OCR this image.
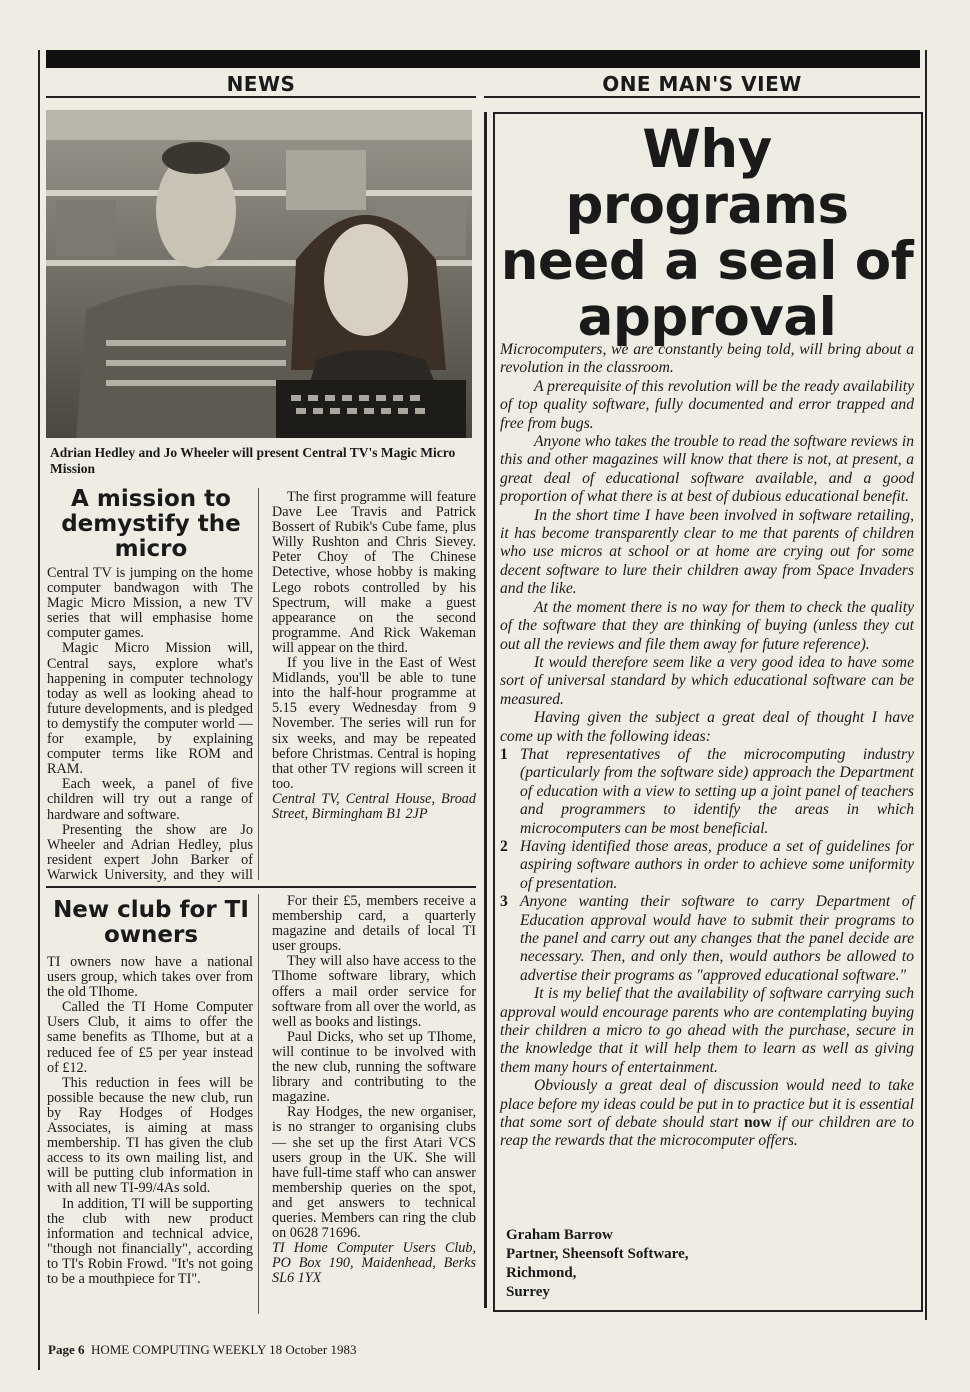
NEWS	ONE MAN'S VIEW
Adrian Hedley and Jo Wheeler will present Central TV's Magic Micro Mission
A mission to demystify the micro

Central TV is jumping on the home computer bandwagon with The Magic Micro Mission, a new TV series that will emphasise home computer games.

Magic Micro Mission will, Central says, explore what's happening in computer technology today as well as looking ahead to future developments, and is pledged to demystify the computer world — for example, by explaining computer terms like ROM and RAM.

Each week, a panel of five children will try out a range of hardware and software.

Presenting the show are Jo Wheeler and Adrian Hedley, plus resident expert John Barker of Warwick University, and they will

The first programme will feature Dave Lee Travis and Patrick Bossert of Rubik's Cube fame, plus Willy Rushton and Chris Sievey. Peter Choy of The Chinese Detective, whose hobby is making Lego robots controlled by his Spectrum, will make a guest appearance on the second programme. And Rick Wakeman will appear on the third.

If you live in the East of West Midlands, you'll be able to tune into the half-hour programme at 5.15 every Wednesday from 9 November. The series will run for six weeks, and may be repeated before Christmas. Central is hoping that other TV regions will screen it too.

Central TV, Central House, Broad Street, Birmingham B1 2JP

New club for TI owners

TI owners now have a national users group, which takes over from the old TIhome.

Called the TI Home Computer Users Club, it aims to offer the same benefits as TIhome, but at a reduced fee of £5 per year instead of £12.

This reduction in fees will be possible because the new club, run by Ray Hodges of Hodges Associates, is aiming at mass membership. TI has given the club access to its own mailing list, and will be putting club information in with all new TI-99/4As sold.

In addition, TI will be supporting the club with new product information and technical advice, "though not financially", according to TI's Robin Frowd. "It's not going to be a mouthpiece for TI".

For their £5, members receive a membership card, a quarterly magazine and details of local TI user groups.

They will also have access to the TIhome software library, which offers a mail order service for software from all over the world, as well as books and listings.

Paul Dicks, who set up TIhome, will continue to be involved with the new club, running the software library and contributing to the magazine.

Ray Hodges, the new organiser, is no stranger to organising clubs — she set up the first Atari VCS users group in the UK. She will have full-time staff who can answer membership queries on the spot, and get answers to technical queries. Members can ring the club on 0628 71696.

TI Home Computer Users Club, PO Box 190, Maidenhead, Berks SL6 1YX

Why programs need a seal of approval

Microcomputers, we are constantly being told, will bring about a revolution in the classroom.

A prerequisite of this revolution will be the ready availability of top quality software, fully documented and error trapped and free from bugs.

Anyone who takes the trouble to read the software reviews in this and other magazines will know that there is not, at present, a great deal of educational software available, and a good proportion of what there is at best of dubious educational benefit.

In the short time I have been involved in software retailing, it has become transparently clear to me that parents of children who use micros at school or at home are crying out for some decent software to lure their children away from Space Invaders and the like.

At the moment there is no way for them to check the quality of the software that they are thinking of buying (unless they cut out all the reviews and file them away for future reference).

It would therefore seem like a very good idea to have some sort of universal standard by which educational software can be measured.

Having given the subject a great deal of thought I have come up with the following ideas:

1 That representatives of the microcomputing industry (particularly from the software side) approach the Department of education with a view to setting up a joint panel of teachers and programmers to identify the areas in which microcomputers can be most beneficial.
2 Having identified those areas, produce a set of guidelines for aspiring software authors in order to achieve some uniformity of presentation.
3 Anyone wanting their software to carry Department of Education approval would have to submit their programs to the panel and carry out any changes that the panel decide are necessary. Then, and only then, would authors be allowed to advertise their programs as "approved educational software."

It is my belief that the availability of software carrying such approval would encourage parents who are contemplating buying their children a micro to go ahead with the purchase, secure in the knowledge that it will help them to learn as well as giving them many hours of entertainment.

Obviously a great deal of discussion would need to take place before my ideas could be put in to practice but it is essential that some sort of debate should start now if our children are to reap the rewards that the microcomputer offers.

Graham Barrow
Partner, Sheensoft Software,
Richmond,
Surrey
Page 6 HOME COMPUTING WEEKLY 18 October 1983
